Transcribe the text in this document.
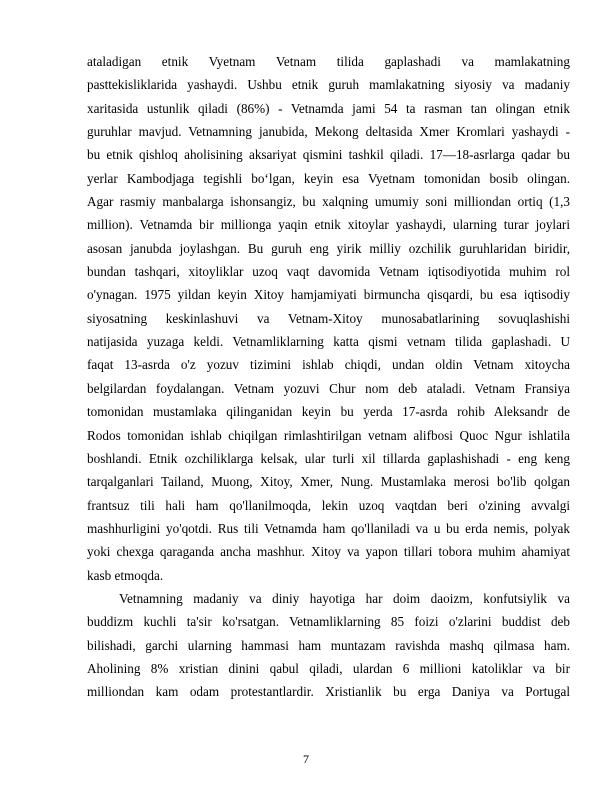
ataladigan etnik Vyetnam Vetnam tilida gaplashadi va mamlakatning
pasttekisliklarida yashaydi. Ushbu etnik guruh mamlakatning siyosiy va madaniy
xaritasida ustunlik qiladi (86%) - Vetnamda jami 54 ta rasman tan olingan etnik
guruhlar mavjud. Vetnamning janubida, Mekong deltasida Xmer Kromlari yashaydi -
bu etnik qishloq aholisining aksariyat qismini tashkil qiladi. 17—18-asrlarga qadar bu
yerlar Kambodjaga tegishli boʻlgan, keyin esa Vyetnam tomonidan bosib olingan.
Agar rasmiy manbalarga ishonsangiz, bu xalqning umumiy soni milliondan ortiq (1,3
million). Vetnamda bir millionga yaqin etnik xitoylar yashaydi, ularning turar joylari
asosan janubda joylashgan. Bu guruh eng yirik milliy ozchilik guruhlaridan biridir,
bundan tashqari, xitoyliklar uzoq vaqt davomida Vetnam iqtisodiyotida muhim rol
o'ynagan. 1975 yildan keyin Xitoy hamjamiyati birmuncha qisqardi, bu esa iqtisodiy
siyosatning keskinlashuvi va Vetnam-Xitoy munosabatlarining sovuqlashishi
natijasida yuzaga keldi. Vetnamliklarning katta qismi vetnam tilida gaplashadi. U
faqat 13-asrda o'z yozuv tizimini ishlab chiqdi, undan oldin Vetnam xitoycha
belgilardan foydalangan. Vetnam yozuvi Chur nom deb ataladi. Vetnam Fransiya
tomonidan mustamlaka qilinganidan keyin bu yerda 17-asrda rohib Aleksandr de
Rodos tomonidan ishlab chiqilgan rimlashtirilgan vetnam alifbosi Quoc Ngur ishlatila
boshlandi. Etnik ozchiliklarga kelsak, ular turli xil tillarda gaplashishadi - eng keng
tarqalganlari Tailand, Muong, Xitoy, Xmer, Nung. Mustamlaka merosi bo'lib qolgan
frantsuz tili hali ham qo'llanilmoqda, lekin uzoq vaqtdan beri o'zining avvalgi
mashhurligini yo'qotdi. Rus tili Vetnamda ham qo'llaniladi va u bu erda nemis, polyak
yoki chexga qaraganda ancha mashhur. Xitoy va yapon tillari tobora muhim ahamiyat
kasb etmoqda.

Vetnamning madaniy va diniy hayotiga har doim daoizm, konfutsiylik va
buddizm kuchli ta'sir ko'rsatgan. Vetnamliklarning 85 foizi o'zlarini buddist deb
bilishadi, garchi ularning hammasi ham muntazam ravishda mashq qilmasa ham.
Aholining 8% xristian dinini qabul qiladi, ulardan 6 millioni katoliklar va bir
milliondan kam odam protestantlardir. Xristianlik bu erga Daniya va Portugal

7
